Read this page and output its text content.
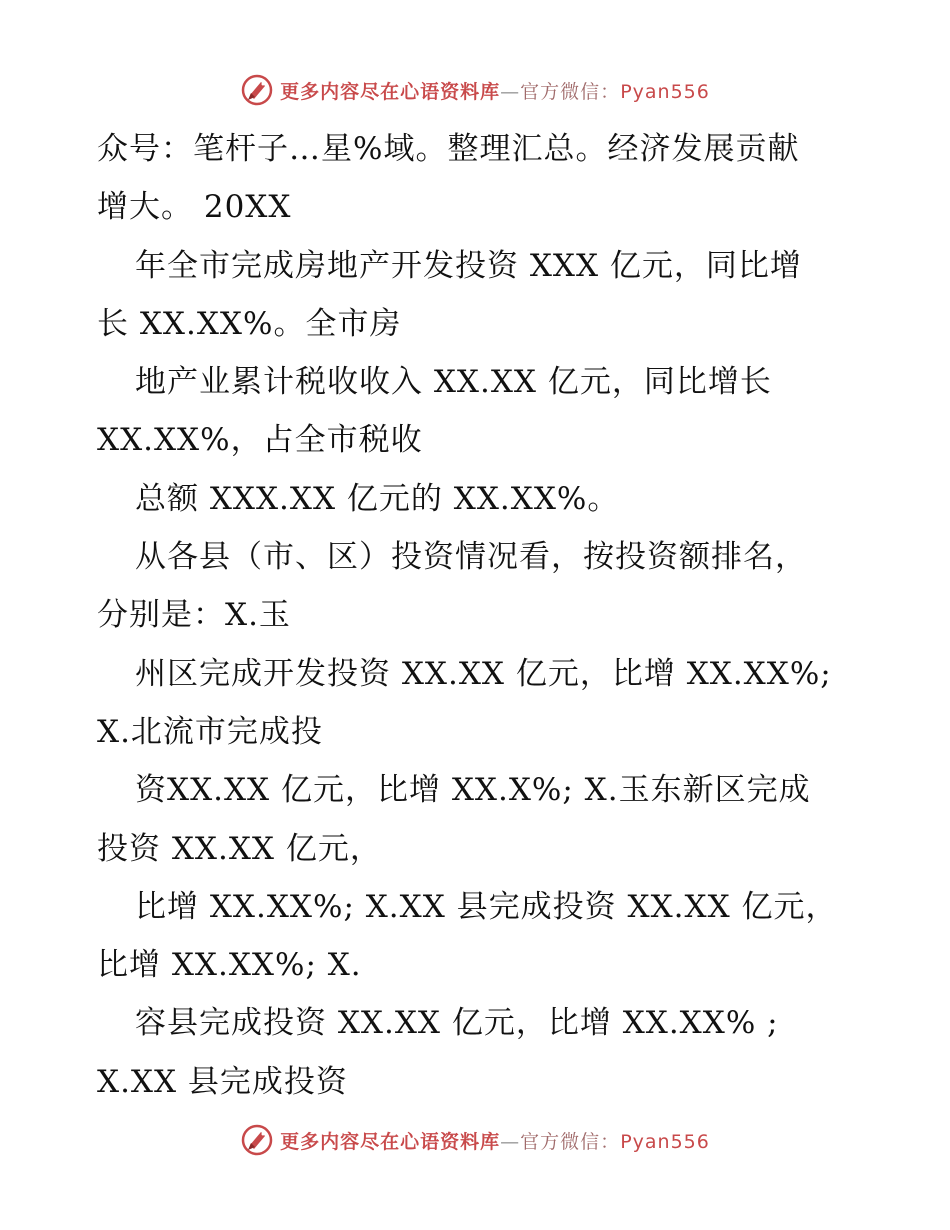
更多内容尽在心语资料库—官方微信：Pyan556
众号：笔杆子…星%域。整理汇总。经济发展贡献
增大。 20XX
年全市完成房地产开发投资 XXX 亿元，同比增
长 XX.XX%。全市房
地产业累计税收收入 XX.XX 亿元，同比增长
XX.XX%，占全市税收
总额 XXX.XX 亿元的 XX.XX%。
从各县（市、区）投资情况看，按投资额排名，
分别是：X.玉
州区完成开发投资 XX.XX 亿元，比增 XX.XX%;
X.北流市完成投
资XX.XX 亿元，比增 XX.X%; X.玉东新区完成
投资 XX.XX 亿元，
比增 XX.XX%; X.XX 县完成投资 XX.XX 亿元，
比增 XX.XX%; X.
容县完成投资 XX.XX 亿元，比增 XX.XX% ;
X.XX 县完成投资
更多内容尽在心语资料库—官方微信：Pyan556
